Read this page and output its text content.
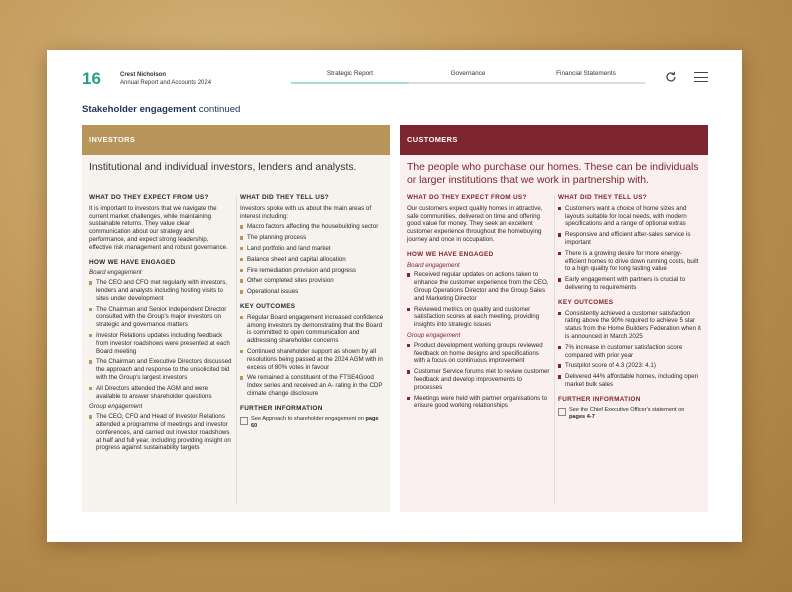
16	Crest Nicholson
Annual Report and Accounts 2024
Strategic Report	Governance	Financial Statements
Stakeholder engagement continued
INVESTORS
Institutional and individual investors, lenders and analysts.
WHAT DO THEY EXPECT FROM US?

It is important to investors that we navigate the current market challenges, while maintaining sustainable returns. They value clear communication about our strategy and performance, and expect strong leadership, effective risk management and robust governance.

HOW WE HAVE ENGAGED
Board engagement
The CEO and CFO met regularly with investors, lenders and analysts including hosting visits to sites under development
The Chairman and Senior Independent Director consulted with the Group's major investors on strategic and governance matters
Investor Relations updates including feedback from investor roadshows were presented at each Board meeting
The Chairman and Executive Directors discussed the approach and response to the unsolicited bid with the Group's largest investors
All Directors attended the AGM and were available to answer shareholder questions
Group engagement
The CEO, CFO and Head of Investor Relations attended a programme of meetings and investor conferences, and carried out investor roadshows at half and full year, including providing insight on progress against sustainability targets
WHAT DID THEY TELL US?

Investors spoke with us about the main areas of interest including:

Macro factors affecting the housebuilding sector
The planning process
Land portfolio and land market
Balance sheet and capital allocation
Fire remediation provision and progress
Other completed sites provision
Operational issues
KEY OUTCOMES
Regular Board engagement increased confidence among investors by demonstrating that the Board is committed to open communication and addressing shareholder concerns
Continued shareholder support as shown by all resolutions being passed at the 2024 AGM with in excess of 80% votes in favour
We remained a constituent of the FTSE4Good Index series and received an A- rating in the CDP climate change disclosure
FURTHER INFORMATION
See Approach to shareholder engagement on page 60
CUSTOMERS
The people who purchase our homes. These can be individuals or larger institutions that we work in partnership with.
WHAT DO THEY EXPECT FROM US?

Our customers expect quality homes in attractive, safe communities, delivered on time and offering good value for money. They seek an excellent customer experience throughout the homebuying journey and once in occupation.

HOW WE HAVE ENGAGED
Board engagement
Received regular updates on actions taken to enhance the customer experience from the CEO, Group Operations Director and the Group Sales and Marketing Director
Reviewed metrics on quality and customer satisfaction scores at each meeting, providing insights into strategic issues
Group engagement
Product development working groups reviewed feedback on home designs and specifications with a focus on continuous improvement
Customer Service forums met to review customer feedback and develop improvements to processes
Meetings were held with partner organisations to ensure good working relationships
WHAT DID THEY TELL US?
Customers want a choice of home sizes and layouts suitable for local needs, with modern specifications and a range of optional extras
Responsive and efficient after-sales service is important
There is a growing desire for more energy-efficient homes to drive down running costs, built to a high quality for long lasting value
Early engagement with partners is crucial to delivering to requirements
KEY OUTCOMES
Consistently achieved a customer satisfaction rating above the 90% required to achieve 5 star status from the Home Builders Federation when it is announced in March 2025
7% increase in customer satisfaction score compared with prior year
Trustpilot score of 4.3 (2023: 4.1)
Delivered 44% affordable homes, including open market bulk sales
FURTHER INFORMATION
See the Chief Executive Officer's statement on pages 4-7
